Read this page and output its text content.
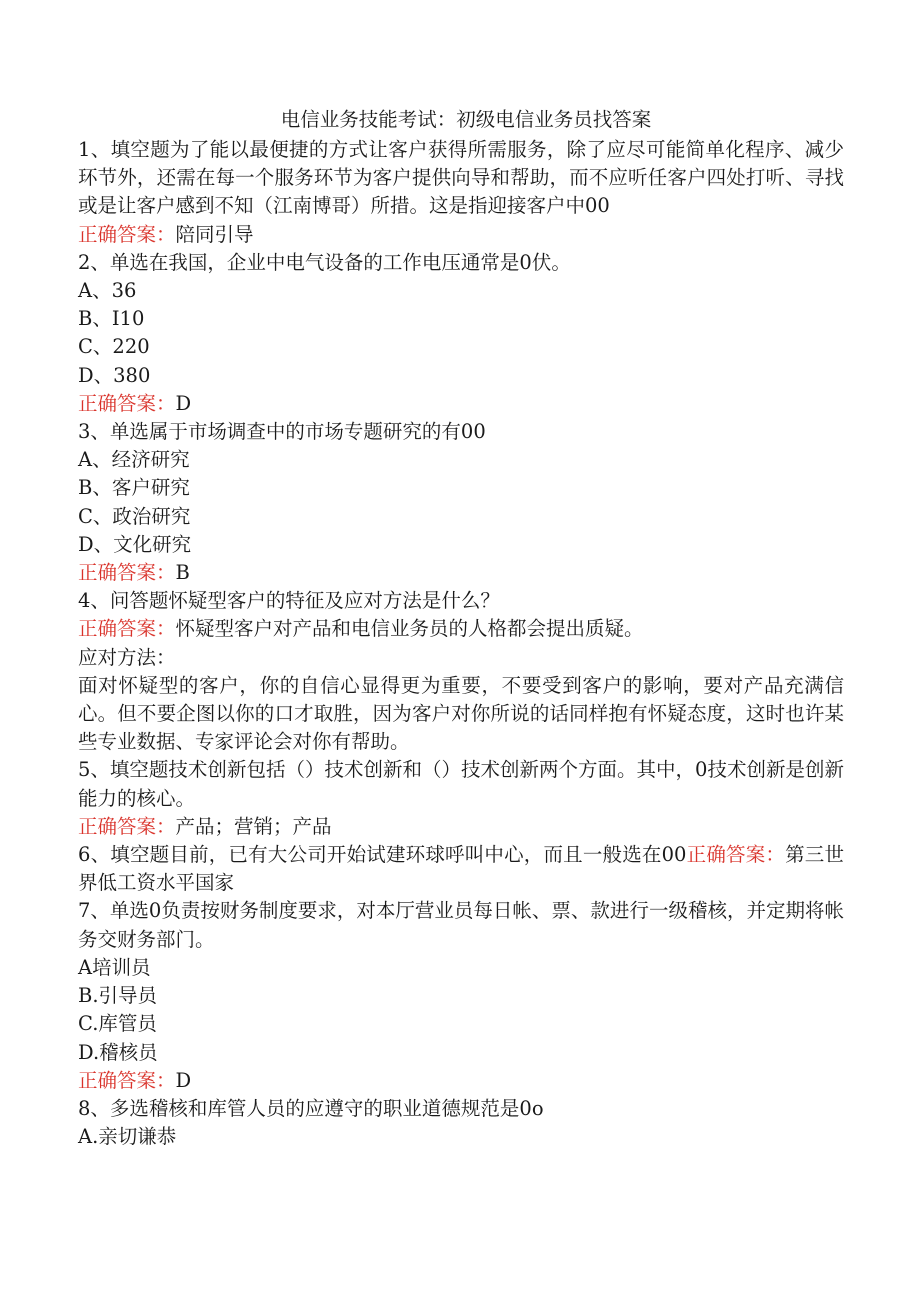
电信业务技能考试：初级电信业务员找答案

1、填空题为了能以最便捷的方式让客户获得所需服务，除了应尽可能简单化程序、减少环节外，还需在每一个服务环节为客户提供向导和帮助，而不应听任客户四处打听、寻找或是让客户感到不知（江南博哥）所措。这是指迎接客户中00

正确答案：陪同引导

2、单选在我国，企业中电气设备的工作电压通常是0伏。

A、36

B、I10

C、220

D、380

正确答案：D

3、单选属于市场调查中的市场专题研究的有00

A、经济研究

B、客户研究

C、政治研究

D、文化研究

正确答案：B

4、问答题怀疑型客户的特征及应对方法是什么？

正确答案：怀疑型客户对产品和电信业务员的人格都会提出质疑。

应对方法：

面对怀疑型的客户，你的自信心显得更为重要，不要受到客户的影响，要对产品充满信心。但不要企图以你的口才取胜，因为客户对你所说的话同样抱有怀疑态度，这时也许某些专业数据、专家评论会对你有帮助。

5、填空题技术创新包括（）技术创新和（）技术创新两个方面。其中，0技术创新是创新能力的核心。

正确答案：产品；营销；产品

6、填空题目前，已有大公司开始试建环球呼叫中心，而且一般选在00正确答案：第三世界低工资水平国家

7、单选0负责按财务制度要求，对本厅营业员每日帐、票、款进行一级稽核，并定期将帐务交财务部门。

A培训员

B.引导员

C.库管员

D.稽核员

正确答案：D

8、多选稽核和库管人员的应遵守的职业道德规范是0o

A.亲切谦恭
